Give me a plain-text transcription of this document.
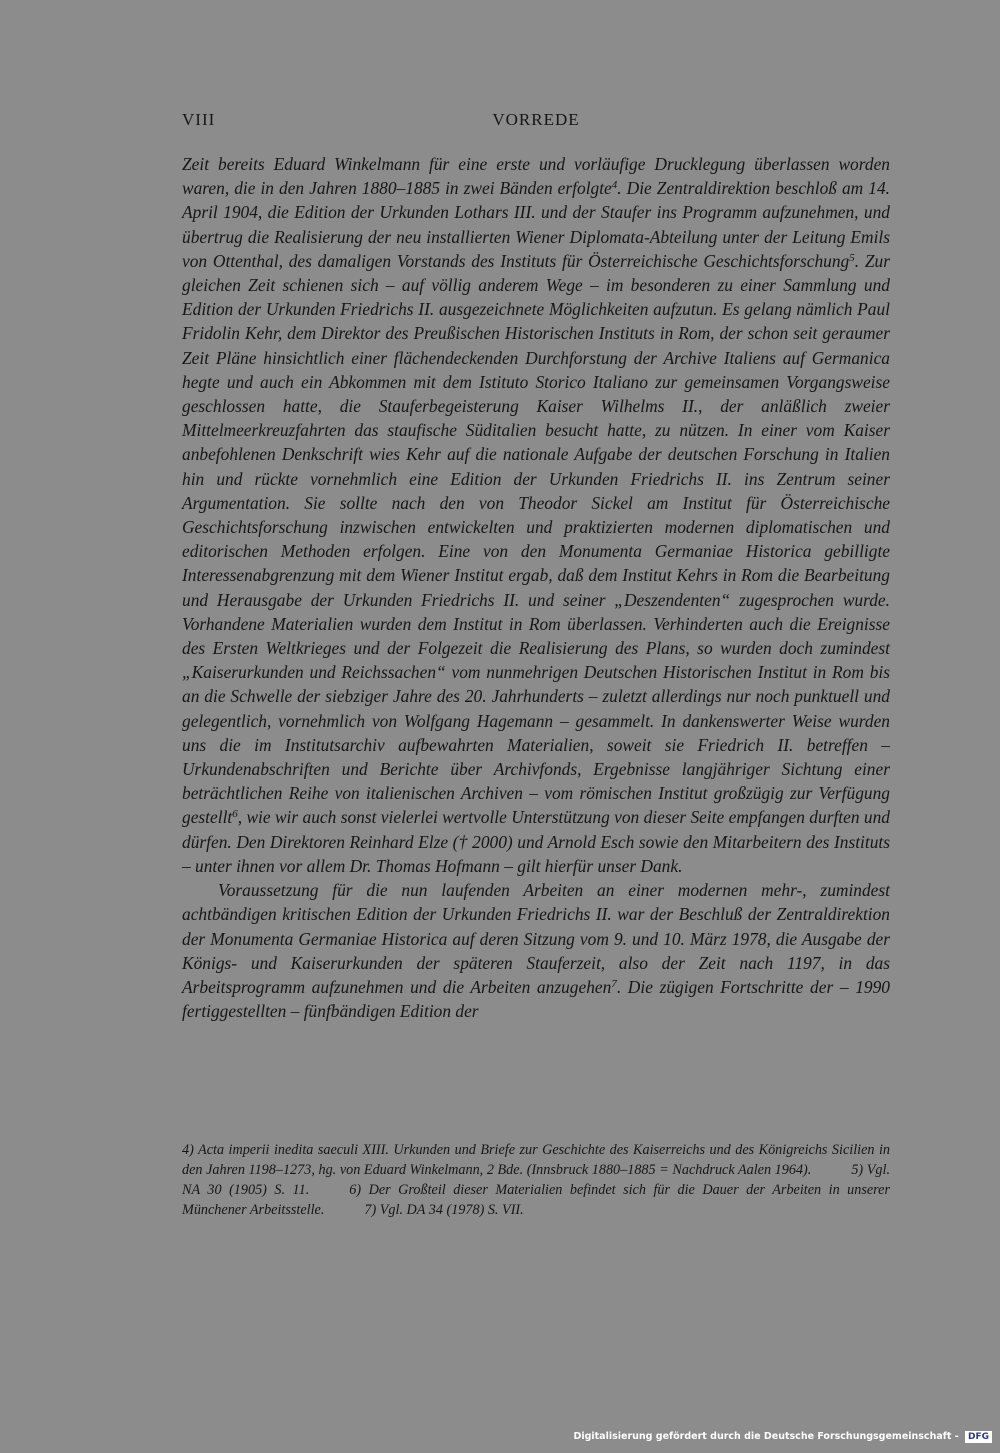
VIII	VORREDE

Zeit bereits Eduard Winkelmann für eine erste und vorläufige Drucklegung überlassen worden waren, die in den Jahren 1880–1885 in zwei Bänden erfolgte$^4$. Die Zentraldirektion beschloß am 14. April 1904, die Edition der Urkunden Lothars III. und der Staufer ins Programm aufzunehmen, und übertrug die Realisierung der neu installierten Wiener Diplomata-Abteilung unter der Leitung Emils von Ottenthal, des damaligen Vorstands des Instituts für Österreichische Geschichtsforschung$^5$. Zur gleichen Zeit schienen sich – auf völlig anderem Wege – im besonderen zu einer Sammlung und Edition der Urkunden Friedrichs II. ausgezeichnete Möglichkeiten aufzutun. Es gelang nämlich Paul Fridolin Kehr, dem Direktor des Preußischen Historischen Instituts in Rom, der schon seit geraumer Zeit Pläne hinsichtlich einer flächendeckenden Durchforstung der Archive Italiens auf Germanica hegte und auch ein Abkommen mit dem Istituto Storico Italiano zur gemeinsamen Vorgangsweise geschlossen hatte, die Stauferbegeisterung Kaiser Wilhelms II., der anläßlich zweier Mittelmeerkreuzfahrten das staufische Süditalien besucht hatte, zu nützen. In einer vom Kaiser anbefohlenen Denkschrift wies Kehr auf die nationale Aufgabe der deutschen Forschung in Italien hin und rückte vornehmlich eine Edition der Urkunden Friedrichs II. ins Zentrum seiner Argumentation. Sie sollte nach den von Theodor Sickel am Institut für Österreichische Geschichtsforschung inzwischen entwickelten und praktizierten modernen diplomatischen und editorischen Methoden erfolgen. Eine von den Monumenta Germaniae Historica gebilligte Interessenabgrenzung mit dem Wiener Institut ergab, daß dem Institut Kehrs in Rom die Bearbeitung und Herausgabe der Urkunden Friedrichs II. und seiner „Deszendenten“ zugesprochen wurde. Vorhandene Materialien wurden dem Institut in Rom überlassen. Verhinderten auch die Ereignisse des Ersten Weltkrieges und der Folgezeit die Realisierung des Plans, so wurden doch zumindest „Kaiserurkunden und Reichssachen“ vom nunmehrigen Deutschen Historischen Institut in Rom bis an die Schwelle der siebziger Jahre des 20. Jahrhunderts – zuletzt allerdings nur noch punktuell und gelegentlich, vornehmlich von Wolfgang Hagemann – gesammelt. In dankenswerter Weise wurden uns die im Institutsarchiv aufbewahrten Materialien, soweit sie Friedrich II. betreffen – Urkundenabschriften und Berichte über Archivfonds, Ergebnisse langjähriger Sichtung einer beträchtlichen Reihe von italienischen Archiven – vom römischen Institut großzügig zur Verfügung gestellt$^6$, wie wir auch sonst vielerlei wertvolle Unterstützung von dieser Seite empfangen durften und dürfen. Den Direktoren Reinhard Elze († 2000) und Arnold Esch sowie den Mitarbeitern des Instituts – unter ihnen vor allem Dr. Thomas Hofmann – gilt hierfür unser Dank.

Voraussetzung für die nun laufenden Arbeiten an einer modernen mehr-, zumindest achtbändigen kritischen Edition der Urkunden Friedrichs II. war der Beschluß der Zentraldirektion der Monumenta Germaniae Historica auf deren Sitzung vom 9. und 10. März 1978, die Ausgabe der Königs- und Kaiserurkunden der späteren Stauferzeit, also der Zeit nach 1197, in das Arbeitsprogramm aufzunehmen und die Arbeiten anzugehen$^7$. Die zügigen Fortschritte der – 1990 fertiggestellten – fünfbändigen Edition der

4) Acta imperii inedita saeculi XIII. Urkunden und Briefe zur Geschichte des Kaiserreichs und des Königreichs Sicilien in den Jahren 1198–1273, hg. von Eduard Winkelmann, 2 Bde. (Innsbruck 1880–1885 = Nachdruck Aalen 1964).	5) Vgl. NA 30 (1905) S. 11.	6) Der Großteil dieser Materialien befindet sich für die Dauer der Arbeiten in unserer Münchener Arbeitsstelle.	7) Vgl. DA 34 (1978) S. VII.
Digitalisierung gefördert durch die Deutsche Forschungsgemeinschaft - DFG
